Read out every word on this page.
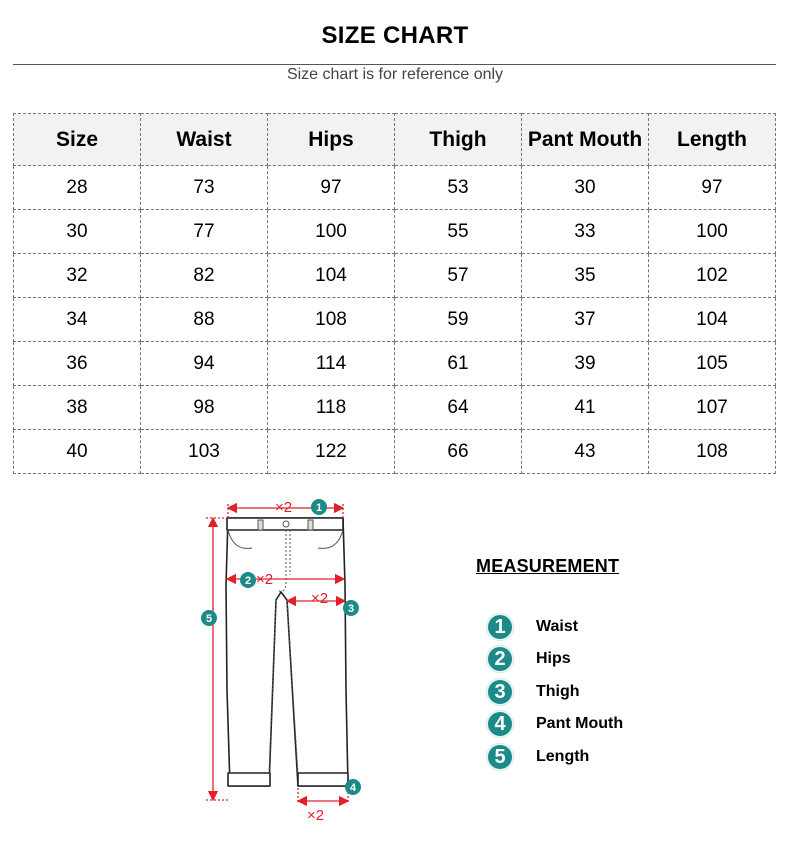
SIZE CHART
Size chart is for reference only
Size	Waist	Hips	Thigh	Pant Mouth	Length
28	73	97	53	30	97
30	77	100	55	33	100
32	82	104	57	35	102
34	88	108	59	37	104
36	94	114	61	39	105
38	98	118	64	41	107
40	103	122	66	43	108
×2
×2
×2
×2
1
2
3
4
5
MEASUREMENT
1	Waist
2	Hips
3	Thigh
4	Pant Mouth
5	Length
